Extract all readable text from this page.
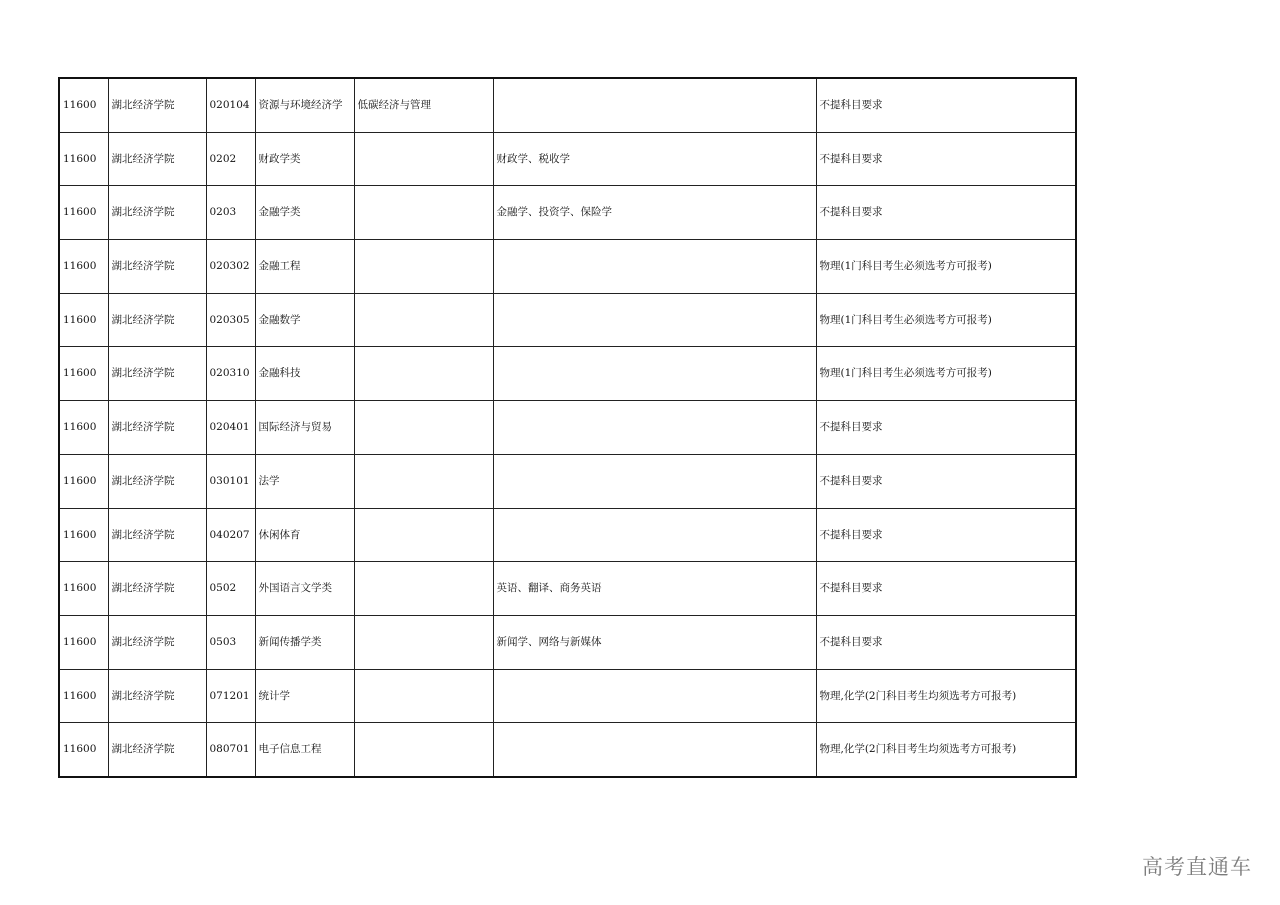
11600	湖北经济学院	020104	资源与环境经济学	低碳经济与管理		不提科目要求
11600	湖北经济学院	0202	财政学类		财政学、税收学	不提科目要求
11600	湖北经济学院	0203	金融学类		金融学、投资学、保险学	不提科目要求
11600	湖北经济学院	020302	金融工程			物理(1门科目考生必须选考方可报考)
11600	湖北经济学院	020305	金融数学			物理(1门科目考生必须选考方可报考)
11600	湖北经济学院	020310	金融科技			物理(1门科目考生必须选考方可报考)
11600	湖北经济学院	020401	国际经济与贸易			不提科目要求
11600	湖北经济学院	030101	法学			不提科目要求
11600	湖北经济学院	040207	休闲体育			不提科目要求
11600	湖北经济学院	0502	外国语言文学类		英语、翻译、商务英语	不提科目要求
11600	湖北经济学院	0503	新闻传播学类		新闻学、网络与新媒体	不提科目要求
11600	湖北经济学院	071201	统计学			物理,化学(2门科目考生均须选考方可报考)
11600	湖北经济学院	080701	电子信息工程			物理,化学(2门科目考生均须选考方可报考)
高考直通车
